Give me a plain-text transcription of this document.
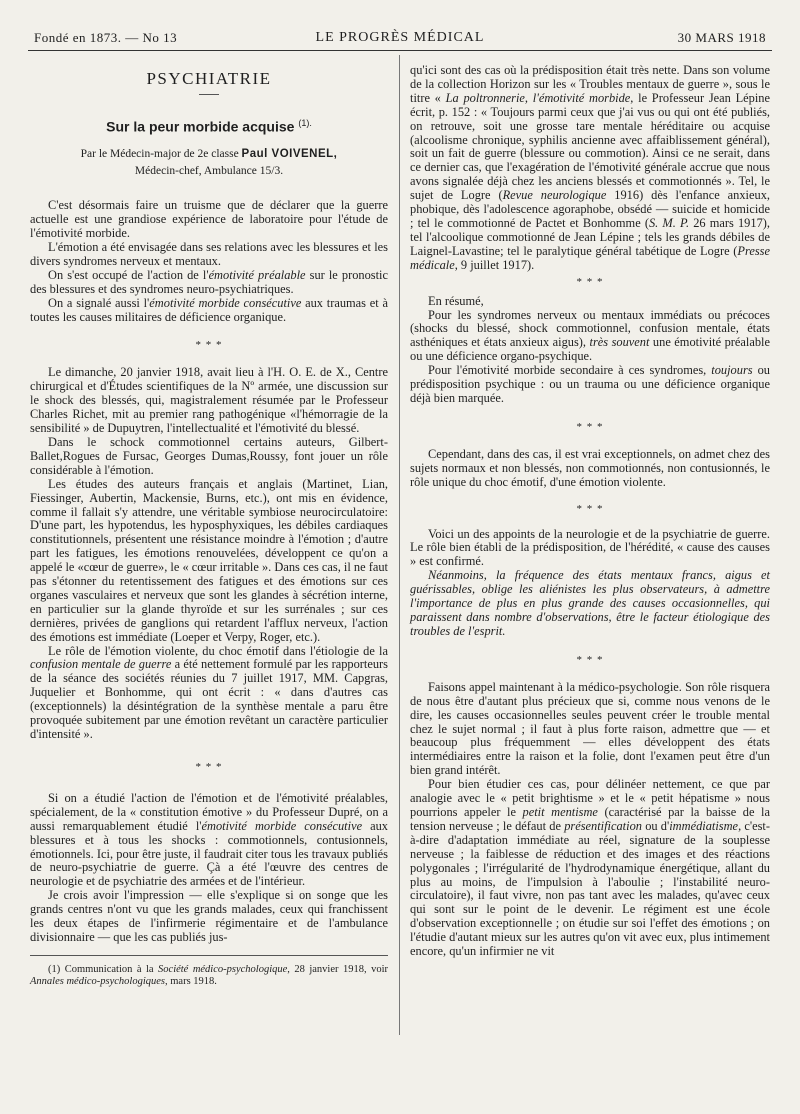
Fondé en 1873. — No 13	LE PROGRÈS MÉDICAL	30 MARS 1918
PSYCHIATRIE
Sur la peur morbide acquise $^{(1).}$
Par le Médecin-major de 2e classe Paul VOIVENEL,
Médecin-chef, Ambulance 15/3.

C'est désormais faire un truisme que de déclarer que la guerre actuelle est une grandiose expérience de laboratoire pour l'étude de l'émotivité morbide.

L'émotion a été envisagée dans ses relations avec les blessures et les divers syndromes nerveux et mentaux.

On s'est occupé de l'action de l'émotivité préalable sur le pronostic des blessures et des syndromes neuro-psychiatriques.

On a signalé aussi l'émotivité morbide consécutive aux traumas et à toutes les causes militaires de déficience organique.

* * *

Le dimanche, 20 janvier 1918, avait lieu à l'H. O. E. de X., Centre chirurgical et d'Études scientifiques de la Nº armée, une discussion sur le shock des blessés, qui, magistralement résumée par le Professeur Charles Richet, mit au premier rang pathogénique «l'hémorragie de la sensibilité » de Dupuytren, l'intellectualité et l'émotivité du blessé.

Dans le schock commotionnel certains auteurs, Gilbert-Ballet,Rogues de Fursac, Georges Dumas,Roussy, font jouer un rôle considérable à l'émotion.

Les études des auteurs français et anglais (Martinet, Lian, Fiessinger, Aubertin, Mackensie, Burns, etc.), ont mis en évidence, comme il fallait s'y attendre, une véritable symbiose neurocirculatoire: D'une part, les hypotendus, les hyposphyxiques, les débiles cardiaques constitutionnels, présentent une résistance moindre à l'émotion ; d'autre part les fatigues, les émotions renouvelées, développent ce qu'on a appelé le «cœur de guerre», le « cœur irritable ». Dans ces cas, il ne faut pas s'étonner du retentissement des fatigues et des émotions sur ces organes vasculaires et nerveux que sont les glandes à sécrétion interne, en particulier sur la glande thyroïde et sur les surrénales ; sur ces dernières, privées de ganglions qui retardent l'afflux nerveux, l'action des émotions est immédiate (Loeper et Verpy, Roger, etc.).

Le rôle de l'émotion violente, du choc émotif dans l'étiologie de la confusion mentale de guerre a été nettement formulé par les rapporteurs de la séance des sociétés réunies du 7 juillet 1917, MM. Capgras, Juquelier et Bonhomme, qui ont écrit : « dans d'autres cas (exceptionnels) la désintégration de la synthèse mentale a paru être provoquée subitement par une émotion revêtant un caractère particulier d'intensité ».

* * *

Si on a étudié l'action de l'émotion et de l'émotivité préalables, spécialement, de la « constitution émotive » du Professeur Dupré, on a aussi remarquablement étudié l'émotivité morbide consécutive aux blessures et à tous les shocks : commotionnels, contusionnels, émotionnels. Ici, pour être juste, il faudrait citer tous les travaux publiés de neuro-psychiatrie de guerre. Çà a été l'œuvre des centres de neurologie et de psychiatrie des armées et de l'intérieur.

Je crois avoir l'impression — elle s'explique si on songe que les grands centres n'ont vu que les grands malades, ceux qui franchissent les deux étapes de l'infirmerie régimentaire et de l'ambulance divisionnaire — que les cas publiés jus-

(1) Communication à la Société médico-psychologique, 28 janvier 1918, voir Annales médico-psychologiques, mars 1918.

qu'ici sont des cas où la prédisposition était très nette. Dans son volume de la collection Horizon sur les « Troubles mentaux de guerre », sous le titre « La poltronnerie, l'émotivité morbide, le Professeur Jean Lépine écrit, p. 152 : « Toujours parmi ceux que j'ai vus ou qui ont été publiés, on retrouve, soit une grosse tare mentale héréditaire ou acquise (alcoolisme chronique, syphilis ancienne avec affaiblissement général), soit un fait de guerre (blessure ou commotion). Ainsi ce ne serait, dans ce dernier cas, que l'exagération de l'émotivité générale accrue que nous avons signalée déjà chez les anciens blessés et commotionnés ». Tel, le sujet de Logre (Revue neurologique 1916) dès l'enfance anxieux, phobique, dès l'adolescence agoraphobe, obsédé — suicide et homicide ; tel le commotionné de Pactet et Bonhomme (S. M. P. 26 mars 1917), tel l'alcoolique commotionné de Jean Lépine ; tels les grands débiles de Laignel-Lavastine; tel le paralytique général tabétique de Logre (Presse médicale, 9 juillet 1917).

* * *

En résumé,

Pour les syndromes nerveux ou mentaux immédiats ou précoces (shocks du blessé, shock commotionnel, confusion mentale, états asthéniques et états anxieux aigus), très souvent une émotivité préalable ou une déficience organo-psychique.

Pour l'émotivité morbide secondaire à ces syndromes, toujours ou prédisposition psychique : ou un trauma ou une déficience organique déjà bien marquée.

* * *

Cependant, dans des cas, il est vrai exceptionnels, on admet chez des sujets normaux et non blessés, non commotionnés, non contusionnés, le rôle unique du choc émotif, d'une émotion violente.

* * *

Voici un des appoints de la neurologie et de la psychiatrie de guerre. Le rôle bien établi de la prédisposition, de l'hérédité, « cause des causes » est confirmé.

Néanmoins, la fréquence des états mentaux francs, aigus et guérissables, oblige les aliénistes les plus observateurs, à admettre l'importance de plus en plus grande des causes occasionnelles, qui paraissent dans nombre d'observations, être le facteur étiologique des troubles de l'esprit.

* * *

Faisons appel maintenant à la médico-psychologie. Son rôle risquera de nous être d'autant plus précieux que si, comme nous venons de le dire, les causes occasionnelles seules peuvent créer le trouble mental chez le sujet normal ; il faut à plus forte raison, admettre que — et beaucoup plus fréquemment — elles développent des états intermédiaires entre la raison et la folie, dont l'examen peut être d'un bien grand intérêt.

Pour bien étudier ces cas, pour délinéer nettement, ce que par analogie avec le « petit brightisme » et le « petit hépatisme » nous pourrions appeler le petit mentisme (caractérisé par la baisse de la tension nerveuse ; le défaut de présentification ou d'immédiatisme, c'est-à-dire d'adaptation immédiate au réel, signature de la souplesse nerveuse ; la faiblesse de réduction et des images et des réactions polygonales ; l'irrégularité de l'hydrodynamique énergétique, allant du plus au moins, de l'impulsion à l'aboulie ; l'instabilité neuro-circulatoire), il faut vivre, non pas tant avec les malades, qu'avec ceux qui sont sur le point de le devenir. Le régiment est une école d'observation exceptionnelle ; on étudie sur soi l'effet des émotions ; on l'étudie d'autant mieux sur les autres qu'on vit avec eux, plus intimement encore, qu'un infirmier ne vit
